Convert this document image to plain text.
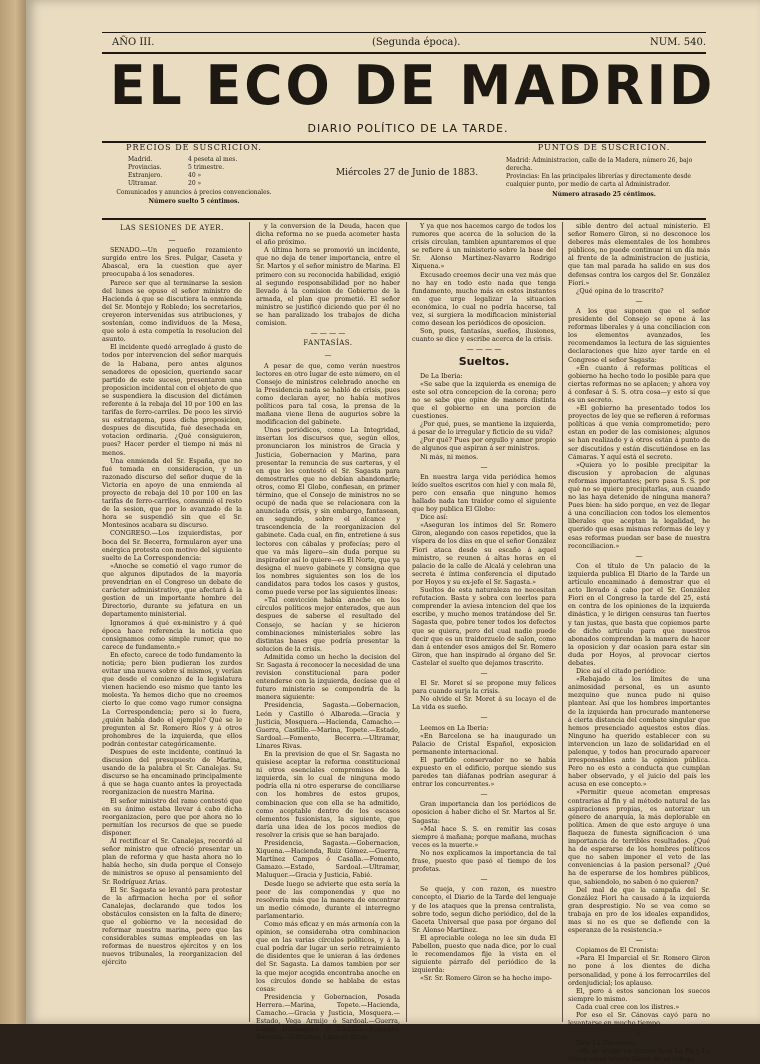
AÑO III.	(Segunda época).	NUM. 540.
EL ECO DE MADRID
DIARIO POLÍTICO DE LA TARDE.
PRECIOS DE SUSCRICION.
Madrid.	4 peseta al mes.
Provincias.	5 trimestre.
Extranjero.	40 »
Ultramar.	20 »
Comunicados y anuncios á precios convencionales.
Número suelto 5 céntimos.
Miércoles 27 de Junio de 1883.
PUNTOS DE SUSCRICION.
Madrid: Administracion, calle de la Madera, número 26, bajo derecha.
Provincias: En las principales librerías y directamente desde cualquier punto, por medio de carta al Administrador.
Número atrasado 25 céntimos.
LAS SESIONES DE AYER.
—

SENADO.—Un pequeño rozamiento surgido entre los Sres. Pulgar, Caseta y Abascal, era la cuestion que ayer preocupaba á los senadores.

Parece ser que al terminarse la sesion del lunes se opuso el señor ministro de Hacienda á que se discutiera la enmienda del Sr. Montejo y Robledo; los secretarios, creyeron intervenidas sus atribuciones, y sostenían, como individuos de la Mesa, que solo á esta competía la resolucion del asunto.

El incidente quedó arreglado á gusto de todos por intervencion del señor marqués de la Habana, pero antes algunos senadores de oposicion, queriendo sacar partido de este suceso, presentaron una proposicion incidental con el objeto de que se suspendiera la discusion del dictámen referente á la rebaja del 10 por 100 en las tarifas de ferro-carriles. De poco les sirvió su estratagema, pues dicha proposicion, despues de discutida, fué desechada en votacion ordinaria. ¿Qué consiguieron, pues? Hacer perder el tiempo ni más ni menos.

Una enmienda del Sr. España, que no fué tomada en consideracion, y un razonado discurso del señor duque de la Victoria en apoyo de una enmienda al proyecto de rebaja del 10 por 100 en las tarifas de ferro-carriles, consumió el resto de la sesion, que por lo avanzado de la hora se suspendió sin que el Sr. Montesinos acabara su discurso.

CONGRESO.—Los izquierdistas, por boca del Sr. Becerra, formularon ayer una enérgica protesta con motivo del siguiente suelto de La Correspondencia:

«Anoche se cometió el vago rumor de que algunos diputados de la mayoría prevendrian en el Congreso un debate de carácter administrativo, que afectará á la gestion de un importante hombre del Directorio, durante su jefatura en un departamento ministerial.

Ignoramos á qué ex-ministro y á qué época hace referencia la noticia que consignamos como simple rumor, que no carece de fundamento.»

En efecto, carece de todo fundamento la noticia; pero bien pudieran los zurdos evitar una nueva sobre sí mismos, y verían que desde el comienzo de la legislatura vienen haciendo eso mismo que tanto les molesta. Ya hemos dicho que no creemos cierto lo que como vago rumor consigna La Correspondencia; pero si lo fuera, ¿quién había dado el ejemplo? Qué se le pregunten al Sr. Romero Ríos y á otros prohombres de la izquierda, que ellos podrán contestar categóricamente.

Despues de este incidente, continuó la discusion del presupuesto de Marina, usando de la palabra el Sr. Canalejas. Su discurso se ha encaminado principalmente á que se haga cuanto antes la proyectada reorganizacion de nuestra Marina.

El señor ministro del ramo contestó que en su ánimo estaba llevar á cabo dicha reorganizacion, pero que por ahora no lo permitían los recursos de que se puede disponer.

Al rectificar el Sr. Canalejas, recordó al señor ministro que ofreció presentar un plan de reforma y que hasta ahora no lo había hecho, sin duda porque el Consejo de ministros se opuso al pensamiento del Sr. Rodríguez Arias.

El Sr. Sagasta se levantó para protestar de la afirmacion hecha por el señor Canalejas, declarando que todos los obstáculos consisten en la falta de dinero; que el gobierno ve la necesidad de reformar nuestra marina, pero que las considerables sumas empleadas en las reformas de nuestros ejércitos y en los nuevos tribunales, la reorganizacion del ejército

y la conversion de la Deuda, hacen que dicha reforma no se pueda acometer hasta el año próximo.

A última hora se promovió un incidente, que no deja de tener importancia, entre el Sr. Martos y el señor ministro de Marina. El primero con su reconocida habilidad, exigió al segundo responsabilidad por no haber llevado á la comision de Gobierno de la armada, el plan que prometió. El señor ministro se justificó diciendo que por él no se han paralizado los trabajos de dicha comision.

— — — —
FANTASÍAS.
—

A pesar de que, como verán nuestros lectores en otro lugar de este número, en el Consejo de ministros celebrado anoche en la Presidencia nada se habló de crisis, pues como declaran ayer, no había motivos políticos para tal cosa, la prensa de la mañana viene llena de augurios sobre la modificacion del gabinete.

Unos periódicos, como La Integridad, insertan los discursos que, según ellos, pronunciaron los ministros de Gracia y Justicia, Gobernacion y Marina, para presentar la renuncia de sus carteras, y el en que les contestó el Sr. Sagasta para demostrarles que no debían abandonarle; otros, como El Globo, confiesan, en primer término, que el Consejo de ministros no se ocupó de nada que se relacionara con la anunciada crisis, y sin embargo, fantasean, en segundo, sobre el alcance y trascendencia de la reorganizacion del gabinete. Cada cual, en fin, entretiene á sus lectores con cábalas y profecías; pero el que va más ligero—sin duda porque su inspirador así lo quiere—es El Norte, que ya designa el nuevo gabinete y consigna que los nombres siguientes son los de los candidatos para todos los casos y gustos, como puede verse por las siguientes líneas:

«Tal convicción había anoche en los círculos políticos mejor enterados, que aun despues de saberse el resultado del Consejo, se hacían y se hicieron combinaciones ministeriales sobre las distintas bases que podría presentar la solucion de la crisis.

Admitida como un hecho la decision del Sr. Sagasta á reconocer la necesidad de una revision constitucional para poder entenderse con la izquierda, decíase que el futuro ministerio se compondría de la manera siguiente:

Presidencia, Sagasta.—Gobernacion, León y Castillo ó Albareda.—Gracia y Justicia, Mosquera.—Hacienda, Camacho.—Guerra, Castillo.—Marina, Topete.—Estado, Sardoal.—Fomento, Becerra.—Ultramar, Linares Rivas.

En la prevision de que el Sr. Sagasta no quisiese aceptar la reforma constitucional ni otros esenciales compromisos de la izquierda, sin lo cual de ninguna modo podría ella ni otro esperarse de conciliarse con los hombres de estos grupos, combinacion que con ella se ha admitido, como aceptable dentro de los escasos elementos fusionistas, la siguiente, que daría una idea de los pocos medios de resolver la crisis que se han barajado.

Presidencia, Sagasta.—Gobernacion, Xiquena.—Hacienda, Ruiz Gómez.—Guerra, Martínez Campos ó Casalla.—Fomento, Gamazo.—Estado, Sardoal.—Ultramar, Maluquer.—Gracia y Justicia, Fabié.

Desde luego se advierte que esta sería la peor de las componendas y que no resolvería más que la manera de encontrar un medio cómodo, durante el interregno parlamentario.

Como más eficaz y en más armonía con la opinion, se consideraba otra combinacion que en las varias círculos políticos, y á la cual podría dar lugar un serio retraimiento de disidentes que le unieran á las órdenes del Sr. Sagasta. La damos tambien por ser la que mejor acogida encontraba anoche en los círculos donde se hablaba de estas cosas:

Presidencia y Gobernacion, Posada Herrera.—Marina, Topete.—Hacienda, Camacho.—Gracia y Justicia, Mosquera.—Estado, Vega Armijo ó Sardoal.—Guerra, López Domínguez ó Castillo.—Fomento, Becerra.—Ultramar, Linares Rivas.

Y ya que nos hacemos cargo de todos los rumores que acerca de la solucion de la crisis circulan, tambien apuntaremos el que se refiere á un ministerio sobre la base del Sr. Alonso Martínez-Navarro Rodrigo Xiquena.»

Excusado creemos decir una vez más que no hay en todo esto nada que tenga fundamento, mucho más en estos instantes en que urge legalizar la situacion económica, lo cual no podría hacerse, tal vez, si surgiera la modificacion ministerial como desean los periódicos de oposicion.

Son, pues, fantasías, sueños, ilusiones, cuanto se dice y escribe acerca de la crisis.

— — — —
Sueltos.

De La Iberia:

«Se sabe que la izquierda es enemiga de este sol otra concepcion de la corona; pero no se sabe que opine de manera distinta que el gobierno en una porcion de cuestiones.

¿Por qué, pues, se mantiene la izquierda, á pesar de lo irregular y ficticio de su vida?

¿Por qué? Pues por orgullo y amor propio de algunos que aspiran á ser ministros.

Ni más, ni menos.

—

En nuestra larga vida periódica hemos leído sueltos escritos con hiel y con mala fé, pero con ensaña que ninguno hemos hallado nada tan traidor como el siguiente que hoy publica El Globo:

Dice así:

«Aseguran los íntimos del Sr. Romero Giron, alegando con casos repetidos, que la víspera de los días en que el señor González Fiori ataca desde su escaño á aquel ministro, se reunen á altas horas en el palacio de la calle de Alcalá y celebran una secreta é íntima conferencia el diputado por Hoyos y su ex-jefe el Sr. Sagasta.»

Sueltos de esta naturaleza no necesitan refutacion. Basta y sobra con leerlos para comprender la aviesa intencion del que los escribe, y mucho menos tratándose del Sr. Sagasta que, pobre tener todos los defectos que se quiera, pero del cual nadie puede decir que es un traidorzuelo de salon, como dan á entender esos amigos del Sr. Romero Giron, que han inspirado al órgano del Sr. Castelar el suelto que dejamos trascrito.

—

El Sr. Moret sí se propone muy felices para cuando surja la crisis.

No olvide el Sr. Moret á su locayo el de La vida es sueño.

—

Leemos en La Iberia:

«En Barcelona se ha inaugurado un Palacio de Cristal Español, exposicion permanente internacional.

El partido conservador no se había expuesto en el edificio, porque siendo sus paredes tan diáfanas podrían asegurar á entrar los concurrentes.»

—

Gran importancia dan los periódicos de oposicion á haber dicho el Sr. Martos al Sr. Sagasta:

«Mal hace S. S. en remitir las cosas siempre á mañana; porque mañana, muchas veces es la muerte.»

No nos explicamos la importancia de tal frase, puesto que pasó el tiempo de los profetas.

—

Se queja, y con razon, es nuestro concepto, el Diario de la Tarde del lenguaje y de los ataques que la prensa centralista, sobre todo, segun dicho periódico, del de la Gaceta Universal que pasa por órgano del Sr. Alonso Martínez.

El apreciable colega no lee sin duda El Pabellon, puesto que nada dice, por lo cual le recomendamos fije la vista en el siguiente párrafo del periódico de la izquierda:

«Sr. Sr. Romero Giron se ha hecho impo-

sible dentro del actual ministerio. El señor Romero Giron, si no desconoce los deberes más elementales de los hombres públicos, no puede continuar ni un día más al frente de la administracion de justicia, que tan mal parada ha salido en sus dos defensas contra los cargos del Sr. González Fiori.»

¿Qué opina de lo trascrito?

—

A los que suponen que el señor presidente del Consejo se opone á las reformas liberales y á una conciliacion con los elementos avanzados, les recomendamos la lectura de las siguientes declaraciones que hizo ayer tarde en el Congreso el señor Sagasta:

«En cuanto á reformas políticas el gobierno ha hecho todo lo posible para que ciertas reformas no se aplacen; y ahora voy á confesar á S. S. otra cosa—y esto sí que es un secreto.

»El gobierno ha presentado todos los proyectos de ley que se refieren á reformas políticas á que venía comprometido; pero estan en poder de las comisiones; algunos se han realizado y á otros están á punto de ser discutidos y están discutiéndose en las Cámaras. Y aquí está el secreto.

»Quiera yo lo posible precipitar la discusion y aprobacion de algunas reformas importantes; pero pasa S. S. por qué no se quiere precipitarlas, aun cuando no las haya detenido de ninguna manera? Pues bien: ha sido porque, en vez de llegar á una conciliacion con todos los elementos liberales que aceptan la legalidad, he querido que esas mismas reformas de ley y esas reformas puedan ser base de nuestra reconciliacion.»

—

Con el título de Un palacio de la izquierda publica El Diario de la Tarde un artículo encaminado á demostrar que el acto llevado á cabo por el Sr. González Fiori en el Congreso la tarde del 25, está en contra de los opiniones de la izquierda dinástica, y le dirigen censuras tan fuertes y tan justas, que basta que copiemos parte de dicho artículo para que nuestros abonados comprendan la manera de hacer la oposicion y dar ocasion para estar sin duda por Hoyos, al provocar ciertos debates.

Dice así el citado periódico:

«Rebajado á los límites de una animosidad personal, es un asunto mezquino que nunca pudo ni quiso plantear. Así que los hombres importantes de la izquierda han procurado mantenerse á cierta distancia del combate singular que hemos presenciado aquestos estos días. Ninguno ha querido establecer con su intervencion un lazo de solidaridad en el palenque, y todos han procurado aparecer irresponsables ante la opinion pública. Pero no es esto a conducta que cumplan haber observado, y el juicio del país les acusa en ese concepto.»

»Permitir queue acometan empresas contrarias al fin y al método natural de las aspiraciones propias, es autorizar un género de anarquía, la más deplorable en política. Amen de que esto arguye ó una flaqueza de funesta significacion ó una importancia de terribles resultados. ¿Qué ha de esperarse de los hombres políticos que no saben imponer el veto de las conveniencias á la pasion personal? ¿Qué ha de esperarse de los hombres públicos, que, sabiendolo, no saben ó no quieren?

Del mal de que la campaña del Sr. González Fiori ha causado á la izquierda gran desprestigio. No se vea como se trabaja en pro de los ideales expandidos, mas si no es que se defiende con la esperanza de la resistencia.»

—

Copiamos de El Cronista:

«Para El Imparcial el Sr. Romero Giron no pone á los dientes de dicha personalidad, y pone á los ferrocarriles del ordenjudicial; los aplauso.

El, pero á estos sancionan los suecos siempre lo mismo.

Cada cual cree con los ilistres.»

Por eso el Sr. Cánovas cayó para no levantarse en mucho tiempo.

—

Dice La Discusion:

«No se ocupa en cuanto lean La Fé y La Union estas breves líneas de su colega,
